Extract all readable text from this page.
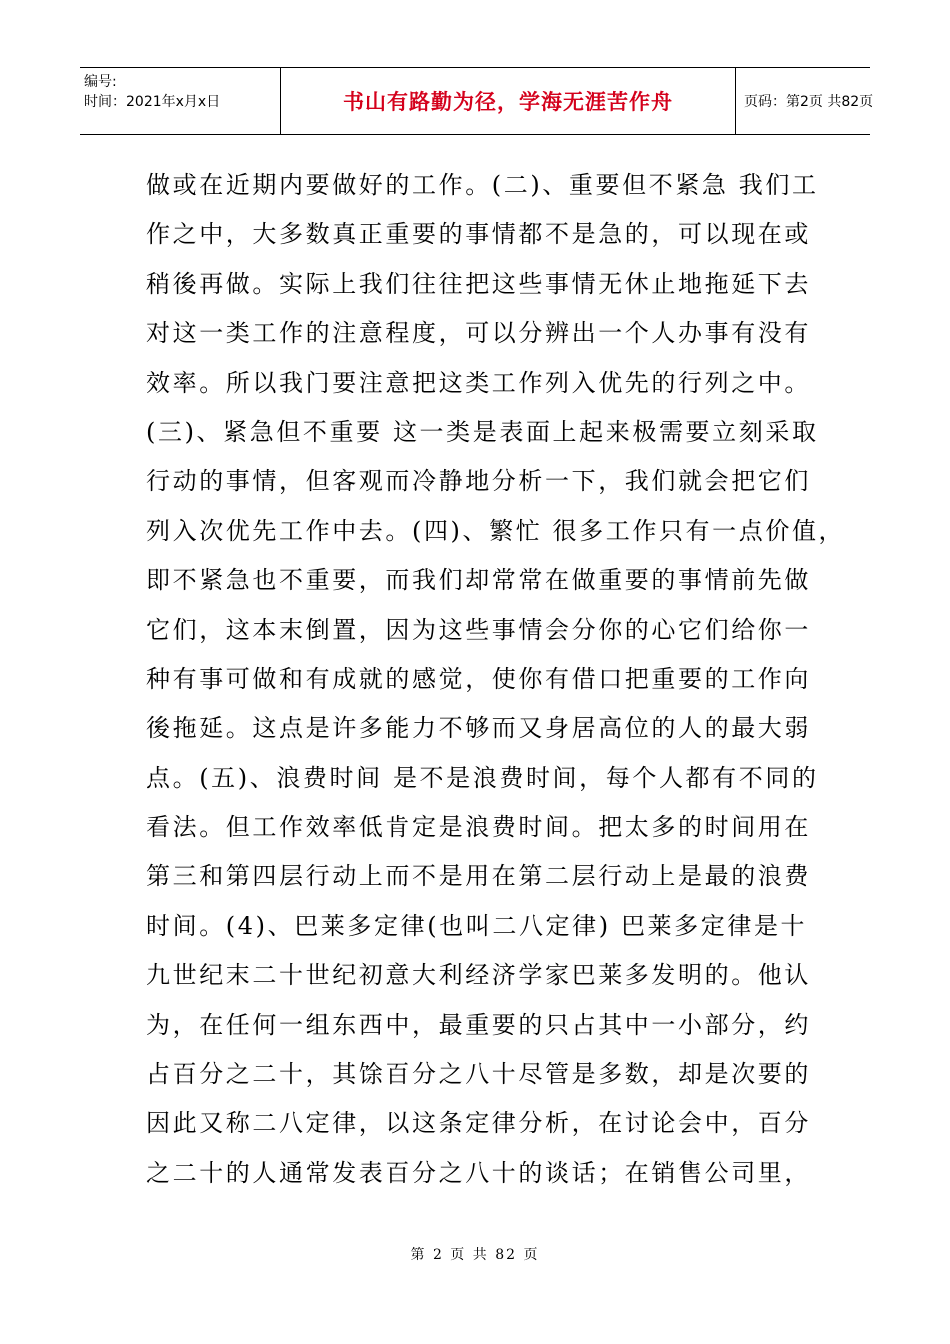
编号:
时间：2021年x月x日	书山有路勤为径，学海无涯苦作舟	页码：第2页 共82页
做或在近期内要做好的工作。(二)、重要但不紧急 我们工
作之中，大多数真正重要的事情都不是急的，可以现在或
稍後再做。实际上我们往往把这些事情无休止地拖延下去
对这一类工作的注意程度，可以分辨出一个人办事有没有
效率。所以我门要注意把这类工作列入优先的行列之中。
(三)、紧急但不重要 这一类是表面上起来极需要立刻采取
行动的事情，但客观而冷静地分析一下，我们就会把它们
列入次优先工作中去。(四)、繁忙 很多工作只有一点价值，
即不紧急也不重要，而我们却常常在做重要的事情前先做
它们，这本末倒置，因为这些事情会分你的心它们给你一
种有事可做和有成就的感觉，使你有借口把重要的工作向
後拖延。这点是许多能力不够而又身居高位的人的最大弱
点。(五)、浪费时间 是不是浪费时间，每个人都有不同的
看法。但工作效率低肯定是浪费时间。把太多的时间用在
第三和第四层行动上而不是用在第二层行动上是最的浪费
时间。(4)、巴莱多定律(也叫二八定律) 巴莱多定律是十
九世纪末二十世纪初意大利经济学家巴莱多发明的。他认
为，在任何一组东西中，最重要的只占其中一小部分，约
占百分之二十，其馀百分之八十尽管是多数，却是次要的
因此又称二八定律，以这条定律分析，在讨论会中，百分
之二十的人通常发表百分之八十的谈话；在销售公司里，
第 2 页 共 82 页
